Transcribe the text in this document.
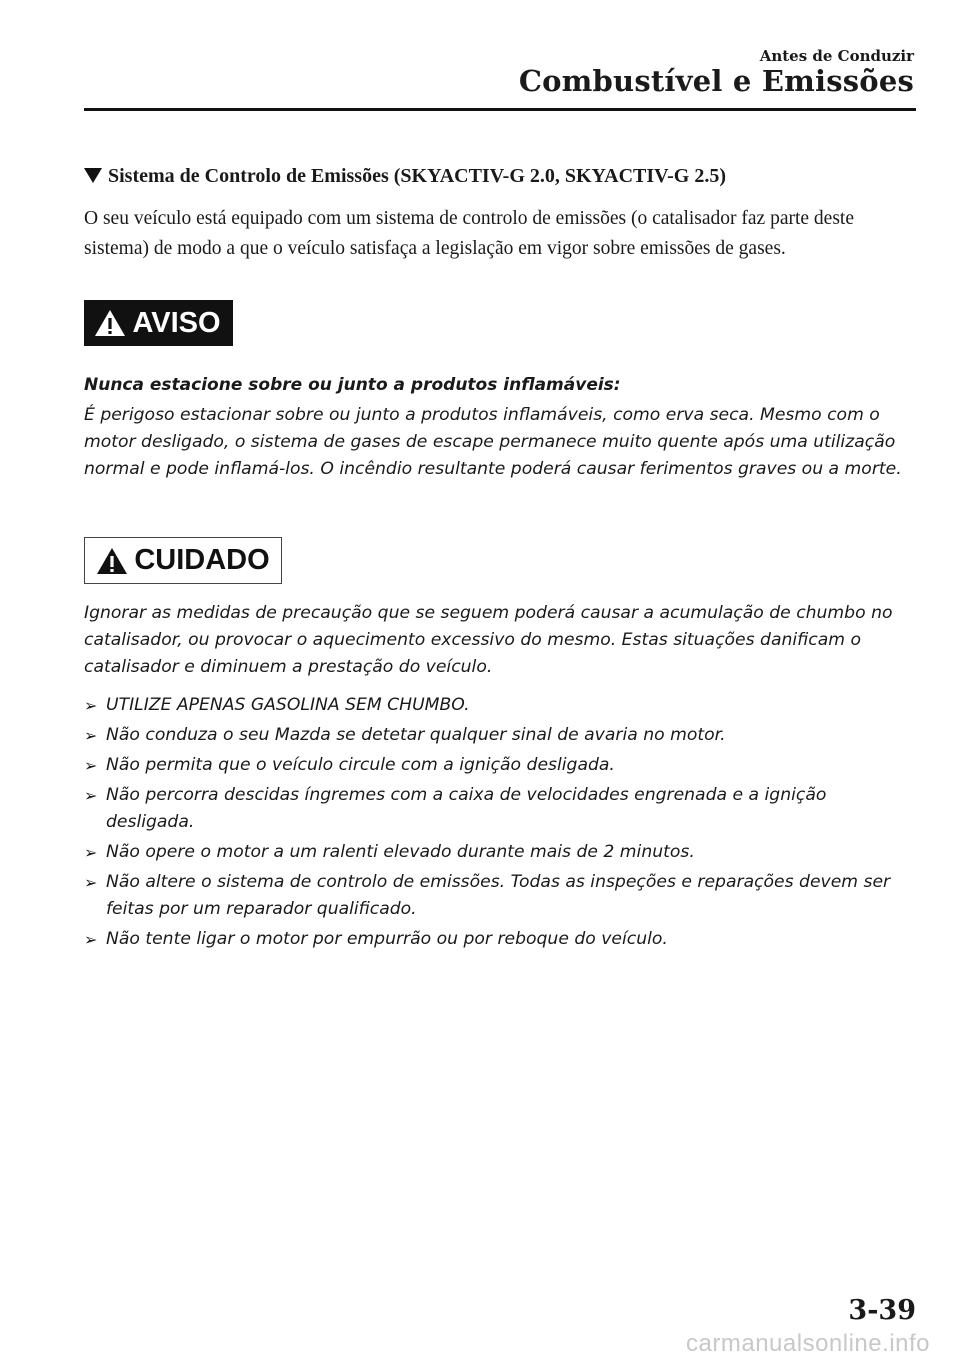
Antes de Conduzir
Combustível e Emissões
Sistema de Controlo de Emissões (SKYACTIV-G 2.0, SKYACTIV-G 2.5)
O seu veículo está equipado com um sistema de controlo de emissões (o catalisador faz parte deste sistema) de modo a que o veículo satisfaça a legislação em vigor sobre emissões de gases.
AVISO
Nunca estacione sobre ou junto a produtos inflamáveis:
É perigoso estacionar sobre ou junto a produtos inflamáveis, como erva seca. Mesmo com o motor desligado, o sistema de gases de escape permanece muito quente após uma utilização normal e pode inflamá-los. O incêndio resultante poderá causar ferimentos graves ou a morte.
CUIDADO
Ignorar as medidas de precaução que se seguem poderá causar a acumulação de chumbo no catalisador, ou provocar o aquecimento excessivo do mesmo. Estas situações danificam o catalisador e diminuem a prestação do veículo.
➢ UTILIZE APENAS GASOLINA SEM CHUMBO.
➢ Não conduza o seu Mazda se detetar qualquer sinal de avaria no motor.
➢ Não permita que o veículo circule com a ignição desligada.
➢ Não percorra descidas íngremes com a caixa de velocidades engrenada e a ignição desligada.
➢ Não opere o motor a um ralenti elevado durante mais de 2 minutos.
➢ Não altere o sistema de controlo de emissões. Todas as inspeções e reparações devem ser feitas por um reparador qualificado.
➢ Não tente ligar o motor por empurrão ou por reboque do veículo.
3-39
carmanualsonline.info
